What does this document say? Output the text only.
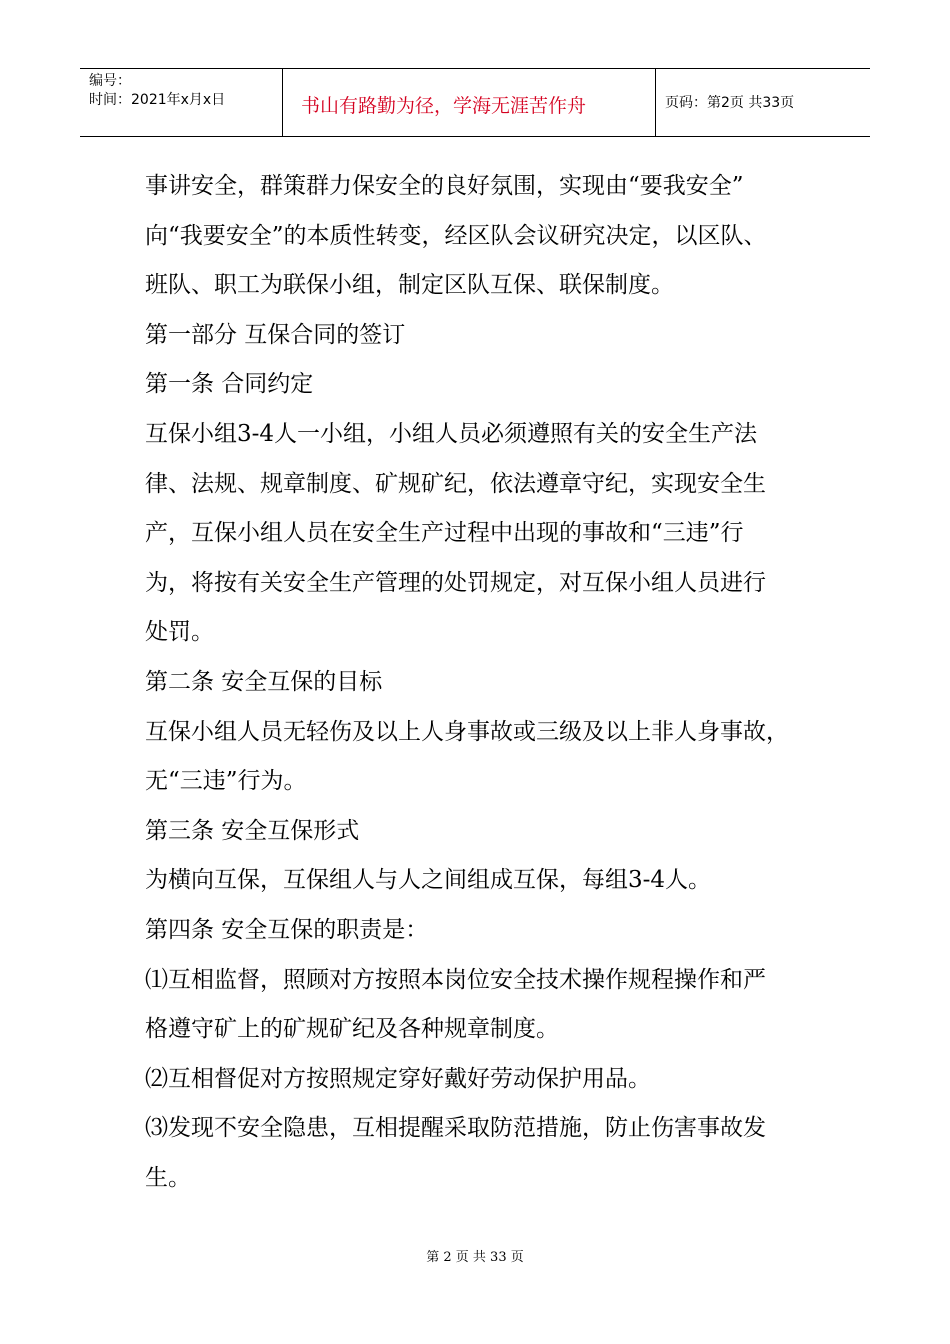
编号：
时间：2021年x月x日	书山有路勤为径，学海无涯苦作舟	页码：第2页 共33页
事讲安全，群策群力保安全的良好氛围，实现由“要我安全”
向“我要安全”的本质性转变，经区队会议研究决定，以区队、
班队、职工为联保小组，制定区队互保、联保制度。
第一部分 互保合同的签订
第一条 合同约定
互保小组3-4人一小组，小组人员必须遵照有关的安全生产法
律、法规、规章制度、矿规矿纪，依法遵章守纪，实现安全生
产，互保小组人员在安全生产过程中出现的事故和“三违”行
为，将按有关安全生产管理的处罚规定，对互保小组人员进行
处罚。
第二条 安全互保的目标
互保小组人员无轻伤及以上人身事故或三级及以上非人身事故，
无“三违”行为。
第三条 安全互保形式
为横向互保，互保组人与人之间组成互保，每组3-4人。
第四条 安全互保的职责是：
⑴互相监督，照顾对方按照本岗位安全技术操作规程操作和严
格遵守矿上的矿规矿纪及各种规章制度。
⑵互相督促对方按照规定穿好戴好劳动保护用品。
⑶发现不安全隐患，互相提醒采取防范措施，防止伤害事故发
生。
第 2 页 共 33 页
